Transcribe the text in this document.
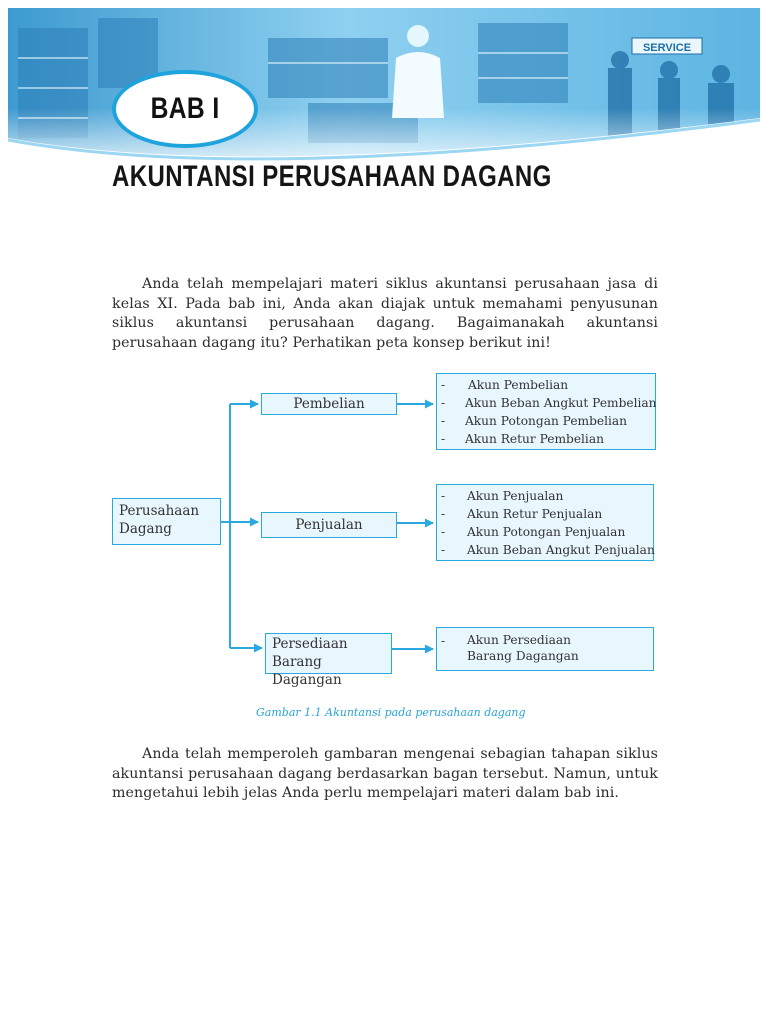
SERVICE
BAB I
AKUNTANSI PERUSAHAAN DAGANG

Anda telah mempelajari materi siklus akuntansi perusahaan jasa di kelas XI. Pada bab ini, Anda akan diajak untuk memahami penyusunan siklus akuntansi perusahaan dagang. Bagaimanakah akuntansi perusahaan dagang itu? Perhatikan peta konsep berikut ini!

Perusahaan
Dagang
Pembelian
Penjualan
Persediaan
Barang Dagangan
-	Akun Pembelian
-	Akun Beban Angkut Pembelian
-	Akun Potongan Pembelian
-	Akun Retur Pembelian
-	Akun Penjualan
-	Akun Retur Penjualan
-	Akun Potongan Penjualan
-	Akun Beban Angkut Penjualan
-	Akun Persediaan Barang Dagangan

Gambar 1.1 Akuntansi pada perusahaan dagang

Anda telah memperoleh gambaran mengenai sebagian tahapan siklus akuntansi perusahaan dagang berdasarkan bagan tersebut. Namun, untuk mengetahui lebih jelas Anda perlu mempelajari materi dalam bab ini.
